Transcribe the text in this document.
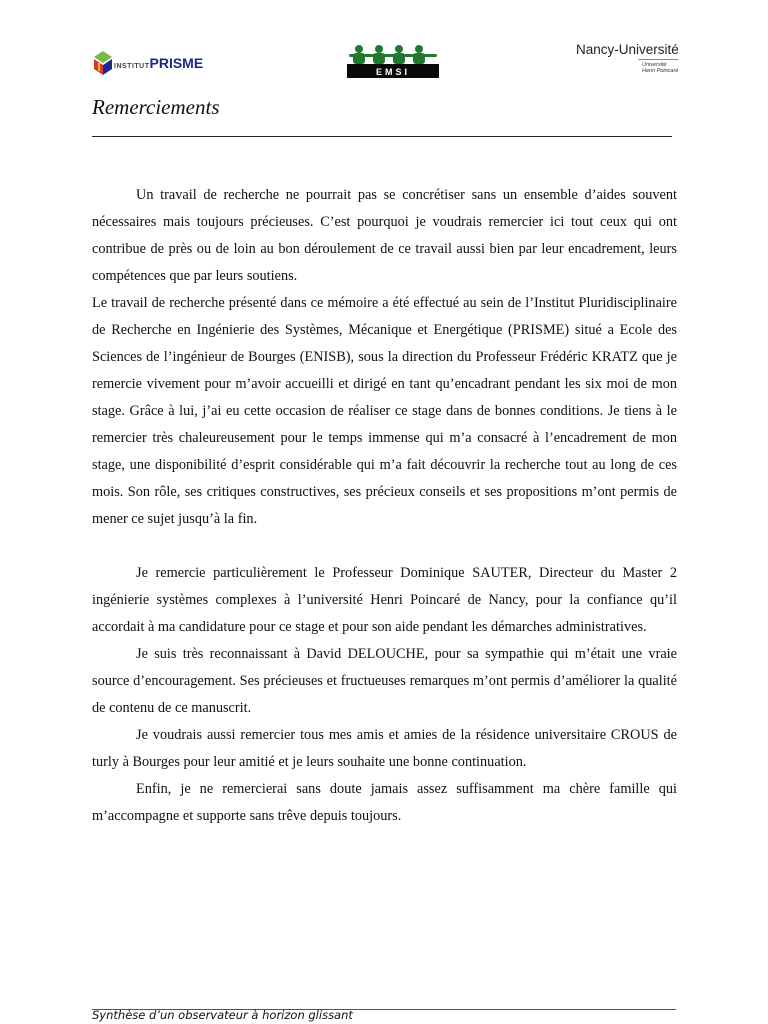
INSTITUTPRISME
EMSI
Nancy-Université
Université
Henri Poincaré
Remerciements

Un travail de recherche ne pourrait pas se concrétiser sans un ensemble d’aides souvent nécessaires mais toujours précieuses. C’est pourquoi je voudrais remercier ici tout ceux qui ont contribue de près ou de loin au bon déroulement de ce travail aussi bien par leur encadrement, leurs compétences que par leurs soutiens.

Le travail de recherche présenté dans ce mémoire a été effectué au sein de l’Institut Pluridisciplinaire de Recherche en Ingénierie des Systèmes, Mécanique et Energétique (PRISME) situé a Ecole des Sciences de l’ingénieur de Bourges (ENISB), sous la direction du Professeur Frédéric KRATZ que je remercie vivement pour m’avoir accueilli et dirigé en tant qu’encadrant pendant les six moi de mon stage. Grâce à lui, j’ai eu cette occasion de réaliser ce stage dans de bonnes conditions. Je tiens à le remercier très chaleureusement pour le temps immense qui m’a consacré à l’encadrement de mon stage, une disponibilité d’esprit considérable qui m’a fait découvrir la recherche tout au long de ces mois. Son rôle, ses critiques constructives, ses précieux conseils et ses propositions m’ont permis de mener ce sujet jusqu’à la fin.

Je remercie particulièrement le Professeur Dominique SAUTER, Directeur du Master 2 ingénierie systèmes complexes à l’université Henri Poincaré de Nancy, pour la confiance qu’il accordait à ma candidature pour ce stage et pour son aide pendant les démarches administratives.

Je suis très reconnaissant à David DELOUCHE, pour sa sympathie qui m’était une vraie source d’encouragement. Ses précieuses et fructueuses remarques m’ont permis d’améliorer la qualité de contenu de ce manuscrit.

Je voudrais aussi remercier tous mes amis et amies de la résidence universitaire CROUS de turly à Bourges pour leur amitié et je leurs souhaite une bonne continuation.

Enfin, je ne remercierai sans doute jamais assez suffisamment ma chère famille qui m’accompagne et supporte sans trêve depuis toujours.

Synthèse d’un observateur à horizon glissant
